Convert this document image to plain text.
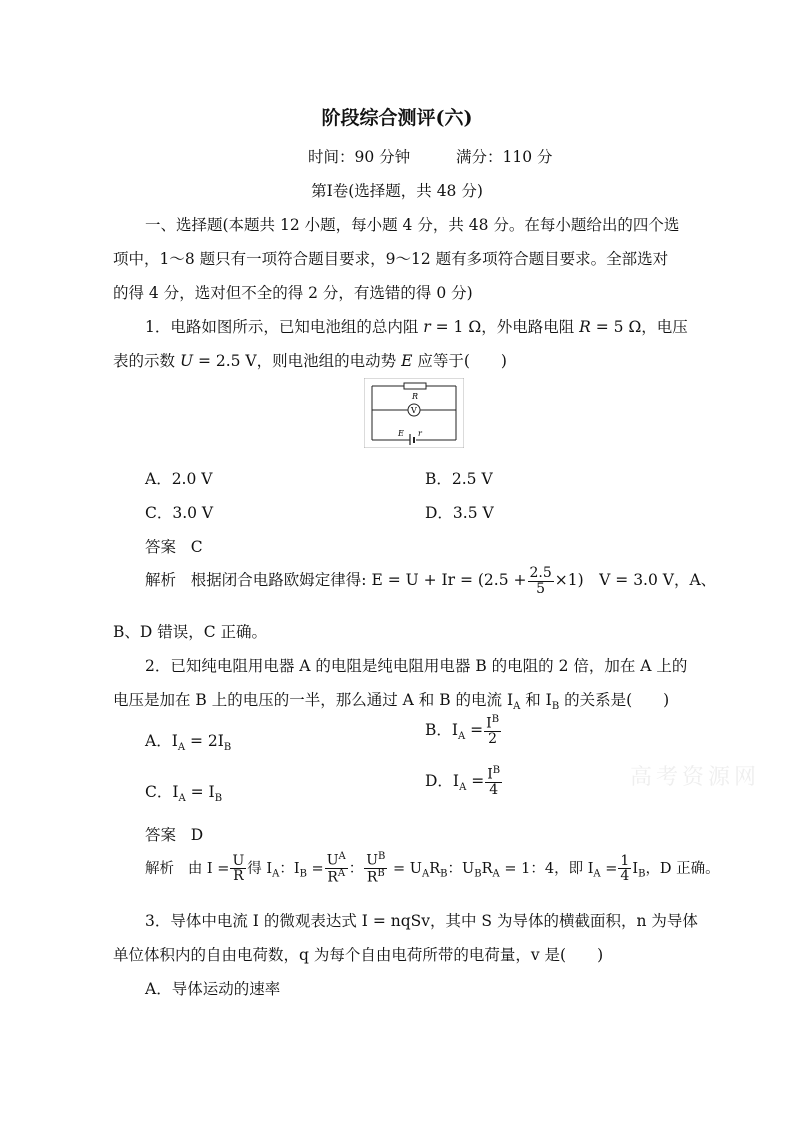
阶段综合测评(六)
时间：90 分钟	满分：110 分
第Ⅰ卷(选择题，共 48 分)
一、选择题(本题共 12 小题，每小题 4 分，共 48 分。在每小题给出的四个选
项中，1～8 题只有一项符合题目要求，9～12 题有多项符合题目要求。全部选对
的得 4 分，选对但不全的得 2 分，有选错的得 0 分)
1．电路如图所示，已知电池组的总内阻 r = 1 Ω，外电路电阻 R = 5 Ω，电压
表的示数 U = 2.5 V，则电池组的电动势 E 应等于(　　)
R
V
E r
A．2.0 V	B．2.5 V
C．3.0 V	D．3.5 V
答案 C
解析 根据闭合电路欧姆定律得: $E = U + Ir = (2.5 + \frac{2.5}{5} \times 1)$　V = 3.0 V，A、
B、D 错误，C 正确。
2．已知纯电阻用电器 A 的电阻是纯电阻用电器 B 的电阻的 2 倍，加在 A 上的
电压是加在 B 上的电压的一半，那么通过 A 和 B 的电流 $I_A$ 和 $I_B$ 的关系是(　　)
A．$I_A = 2I_B$
B．$I_A = \frac{I^B}{2}$
C．$I_A = I_B$
D．$I_A = \frac{I^B}{4}$
答案 D
解析 由 $I = \frac{U}{R}$ 得 $I_A$：$I_B = \frac{U^A}{R^A}$ ： $\frac{U^B}{R^B} = U_AR_B$：$U_BR_A = 1$：4，即 $I_A = \frac{1}{4} I_B$，D 正确。
3．导体中电流 I 的微观表达式 I = nqSv，其中 S 为导体的横截面积，n 为导体
单位体积内的自由电荷数，q 为每个自由电荷所带的电荷量，v 是(　　)
A．导体运动的速率
高考资源网
